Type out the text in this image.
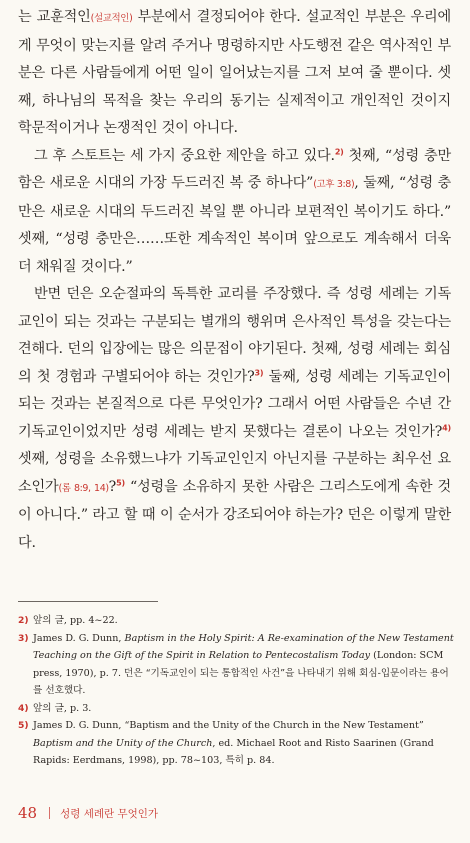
는 교훈적인(설교적인) 부분에서 결정되어야 한다. 설교적인 부분은 우리에게 무엇이 맞는지를 알려 주거나 명령하지만 사도행전 같은 역사적인 부분은 다른 사람들에게 어떤 일이 일어났는지를 그저 보여 줄 뿐이다. 셋째, 하나님의 목적을 찾는 우리의 동기는 실제적이고 개인적인 것이지 학문적이거나 논쟁적인 것이 아니다.

그 후 스토트는 세 가지 중요한 제안을 하고 있다.$^{2)}$ 첫째, “성령 충만함은 새로운 시대의 가장 두드러진 복 중 하나다”(고후 3:8), 둘째, “성령 충만은 새로운 시대의 두드러진 복일 뿐 아니라 보편적인 복이기도 하다.” 셋째, “성령 충만은……또한 계속적인 복이며 앞으로도 계속해서 더욱더 채워질 것이다.”

반면 던은 오순절파의 독특한 교리를 주장했다. 즉 성령 세례는 기독교인이 되는 것과는 구분되는 별개의 행위며 은사적인 특성을 갖는다는 견해다. 던의 입장에는 많은 의문점이 야기된다. 첫째, 성령 세례는 회심의 첫 경험과 구별되어야 하는 것인가?$^{3)}$ 둘째, 성령 세례는 기독교인이 되는 것과는 본질적으로 다른 무엇인가? 그래서 어떤 사람들은 수년 간 기독교인이었지만 성령 세례는 받지 못했다는 결론이 나오는 것인가?$^{4)}$ 셋째, 성령을 소유했느냐가 기독교인인지 아닌지를 구분하는 최우선 요소인가(롬 8:9, 14)?$^{5)}$ “성령을 소유하지 못한 사람은 그리스도에게 속한 것이 아니다.” 라고 할 때 이 순서가 강조되어야 하는가? 던은 이렇게 말한다.

2) 앞의 글, pp. 4~22.
3) James D. G. Dunn, Baptism in the Holy Spirit: A Re-examination of the New Testament Teaching on the Gift of the Spirit in Relation to Pentecostalism Today (London: SCM press, 1970), p. 7. 던은 “기독교인이 되는 통합적인 사건”을 나타내기 위해 회심-입문이라는 용어를 선호했다.
4) 앞의 글, p. 3.
5) James D. G. Dunn, “Baptism and the Unity of the Church in the New Testament” Baptism and the Unity of the Church, ed. Michael Root and Risto Saarinen (Grand Rapids: Eerdmans, 1998), pp. 78~103, 특히 p. 84.
48 성령 세례란 무엇인가
